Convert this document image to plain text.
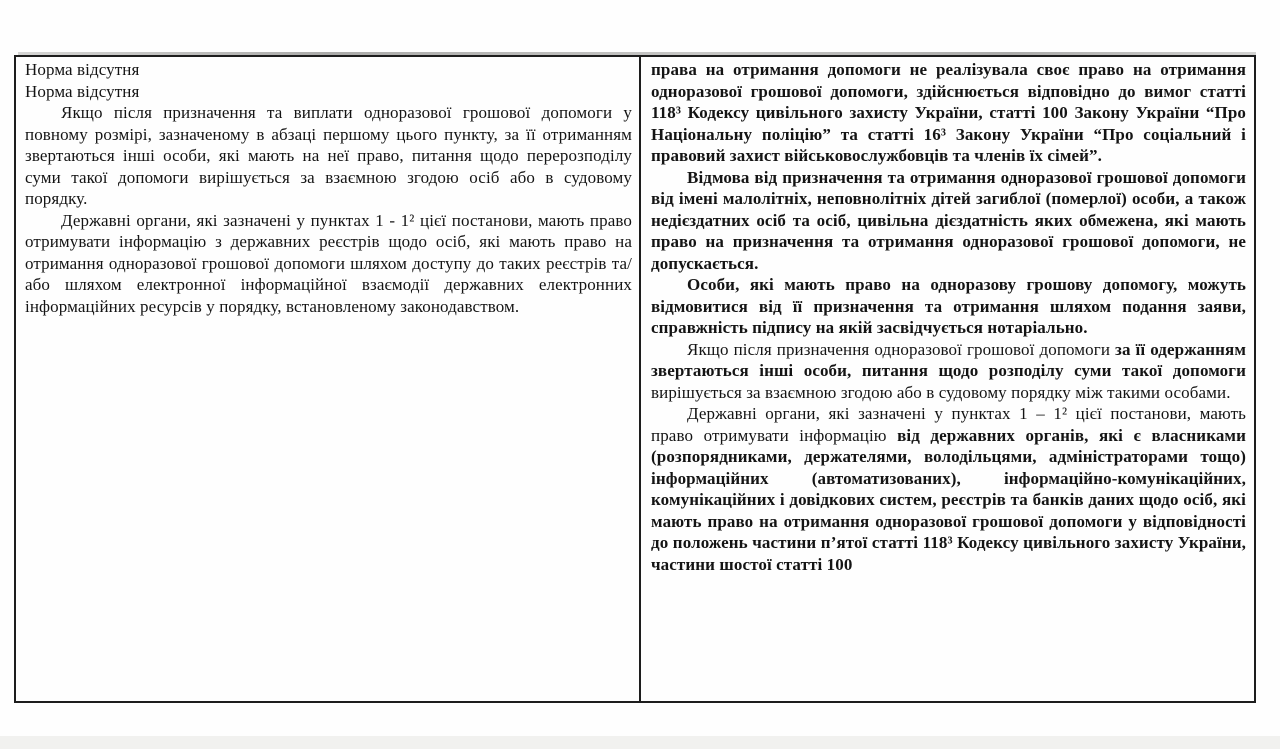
Норма відсутня

Норма відсутня

Якщо після призначення та виплати одноразової грошової допомоги у повному розмірі, зазначеному в абзаці першому цього пункту, за її отриманням звертаються інші особи, які мають на неї право, питання щодо перерозподілу суми такої допомоги вирішується за взаємною згодою осіб або в судовому порядку.

Державні органи, які зазначені у пунктах 1 - 1² цієї постанови, мають право отримувати інформацію з державних реєстрів щодо осіб, які мають право на отримання одноразової грошової допомоги шляхом доступу до таких реєстрів та/або шляхом електронної інформаційної взаємодії державних електронних інформаційних ресурсів у порядку, встановленому законодавством.

права на отримання допомоги не реалізувала своє право на отримання одноразової грошової допомоги, здійснюється відповідно до вимог статті 118³ Кодексу цивільного захисту України, статті 100 Закону України “Про Національну поліцію” та статті 16³ Закону України “Про соціальний і правовий захист військовослужбовців та членів їх сімей”.

Відмова від призначення та отримання одноразової грошової допомоги від імені малолітніх, неповнолітніх дітей загиблої (померлої) особи, а також недієздатних осіб та осіб, цивільна дієздатність яких обмежена, які мають право на призначення та отримання одноразової грошової допомоги, не допускається.

Особи, які мають право на одноразову грошову допомогу, можуть відмовитися від її призначення та отримання шляхом подання заяви, справжність підпису на якій засвідчується нотаріально.

Якщо після призначення одноразової грошової допомоги за її одержанням звертаються інші особи, питання щодо розподілу суми такої допомоги вирішується за взаємною згодою або в судовому порядку між такими особами.

Державні органи, які зазначені у пунктах 1 – 1² цієї постанови, мають право отримувати інформацію від державних органів, які є власниками (розпорядниками, держателями, володільцями, адміністраторами тощо) інформаційних (автоматизованих), інформаційно-комунікаційних, комунікаційних і довідкових систем, реєстрів та банків даних щодо осіб, які мають право на отримання одноразової грошової допомоги у відповідності до положень частини п’ятої статті 118³ Кодексу цивільного захисту України, частини шостої статті 100
